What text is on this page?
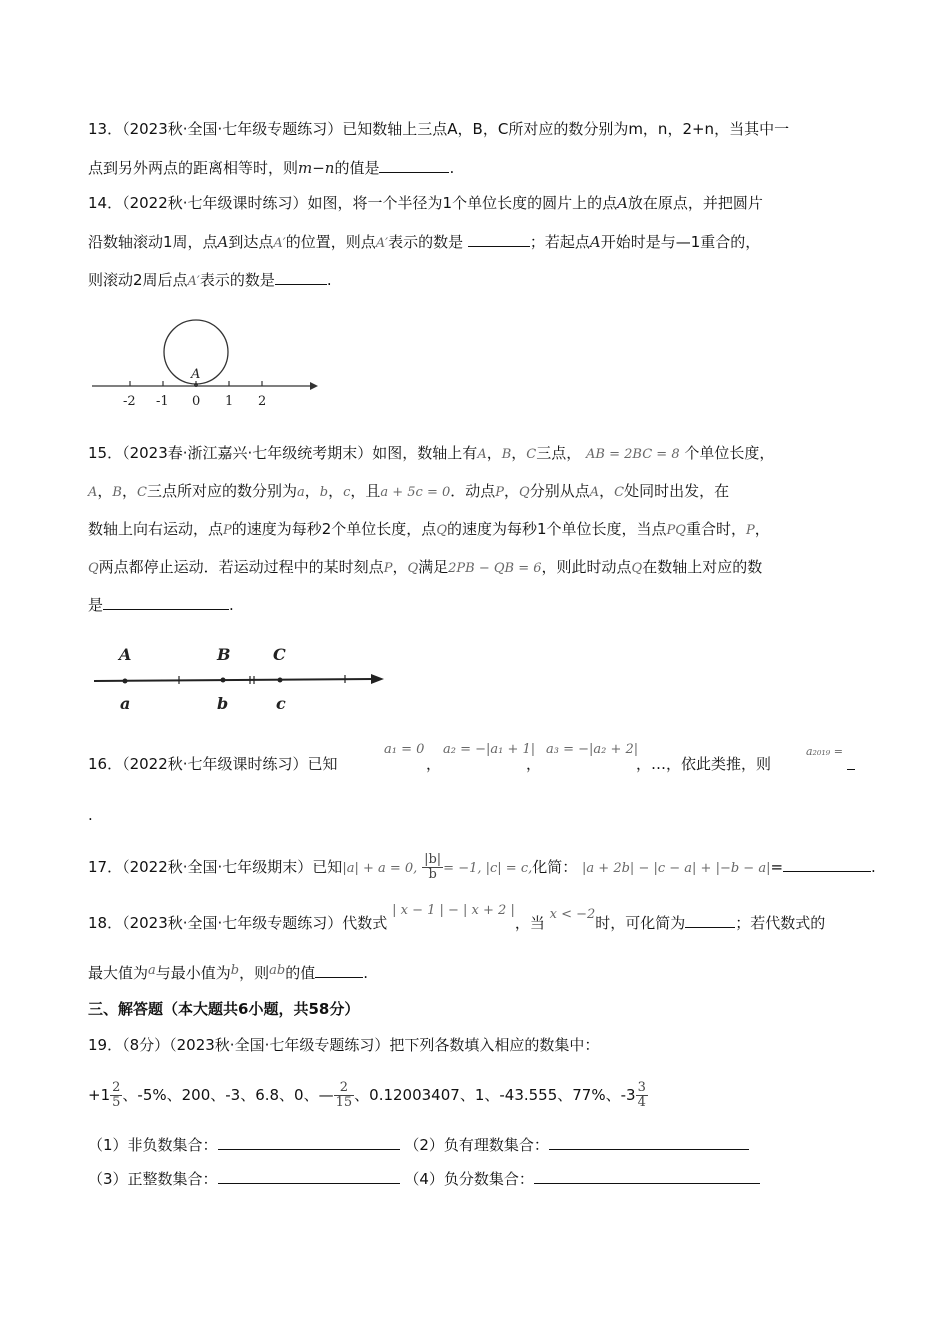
13．（2023秋·全国·七年级专题练习）已知数轴上三点A，B，C所对应的数分别为m，n，2+n，当其中一
点到另外两点的距离相等时，则m−n的值是	.
14．（2022秋·七年级课时练习）如图，将一个半径为1个单位长度的圆片上的点A放在原点，并把圆片
沿数轴滚动1周，点A到达点A′的位置，则点A′表示的数是	；若起点A开始时是与—1重合的，
则滚动2周后点A′表示的数是	.
A
-2 -1 0 1 2
15．（2023春·浙江嘉兴·七年级统考期末）如图，数轴上有A，B，C三点， AB = 2BC = 8 个单位长度，
A，B，C三点所对应的数分别为a，b，c，且a + 5c = 0．动点P，Q分别从点A，C处同时出发，在
数轴上向右运动，点P的速度为每秒2个单位长度，点Q的速度为每秒1个单位长度，当点PQ重合时，P，
Q两点都停止运动．若运动过程中的某时刻点P，Q满足2PB − QB = 6，则此时动点Q在数轴上对应的数
是	.
A	B	C
a	b	c
16．（2022秋·七年级课时练习）已知
a₁ = 0
，
a₂ = −|a₁ + 1|
，
a₃ = −|a₂ + 2|
，…，依此类推，则
a₂₀₁₉ =
.
17．（2022秋·全国·七年级期末）已知|a| + a = 0, $\frac{|b|}{b} = -1$, |c| = c,化简： |a + 2b| − |c − a| + |−b − a|=	.
18．（2023秋·全国·七年级专题练习）代数式 | x − 1 | − | x + 2 |，当 x < −2时，可化简为	；若代数式的
最大值为a与最小值为b，则ab的值	.
三、解答题（本大题共6小题，共58分）
19．（8分）（2023秋·全国·七年级专题练习）把下列各数填入相应的数集中：
$+1 \frac{2}{5}$ 、-5%、200、-3、6.8、0、— $\frac{2}{15}$ 、0.12003407、1、-43.555、77%、$-3 \frac{3}{4}$
（1）非负数集合：	（2）负有理数集合：
（3）正整数集合：	（4）负分数集合：
